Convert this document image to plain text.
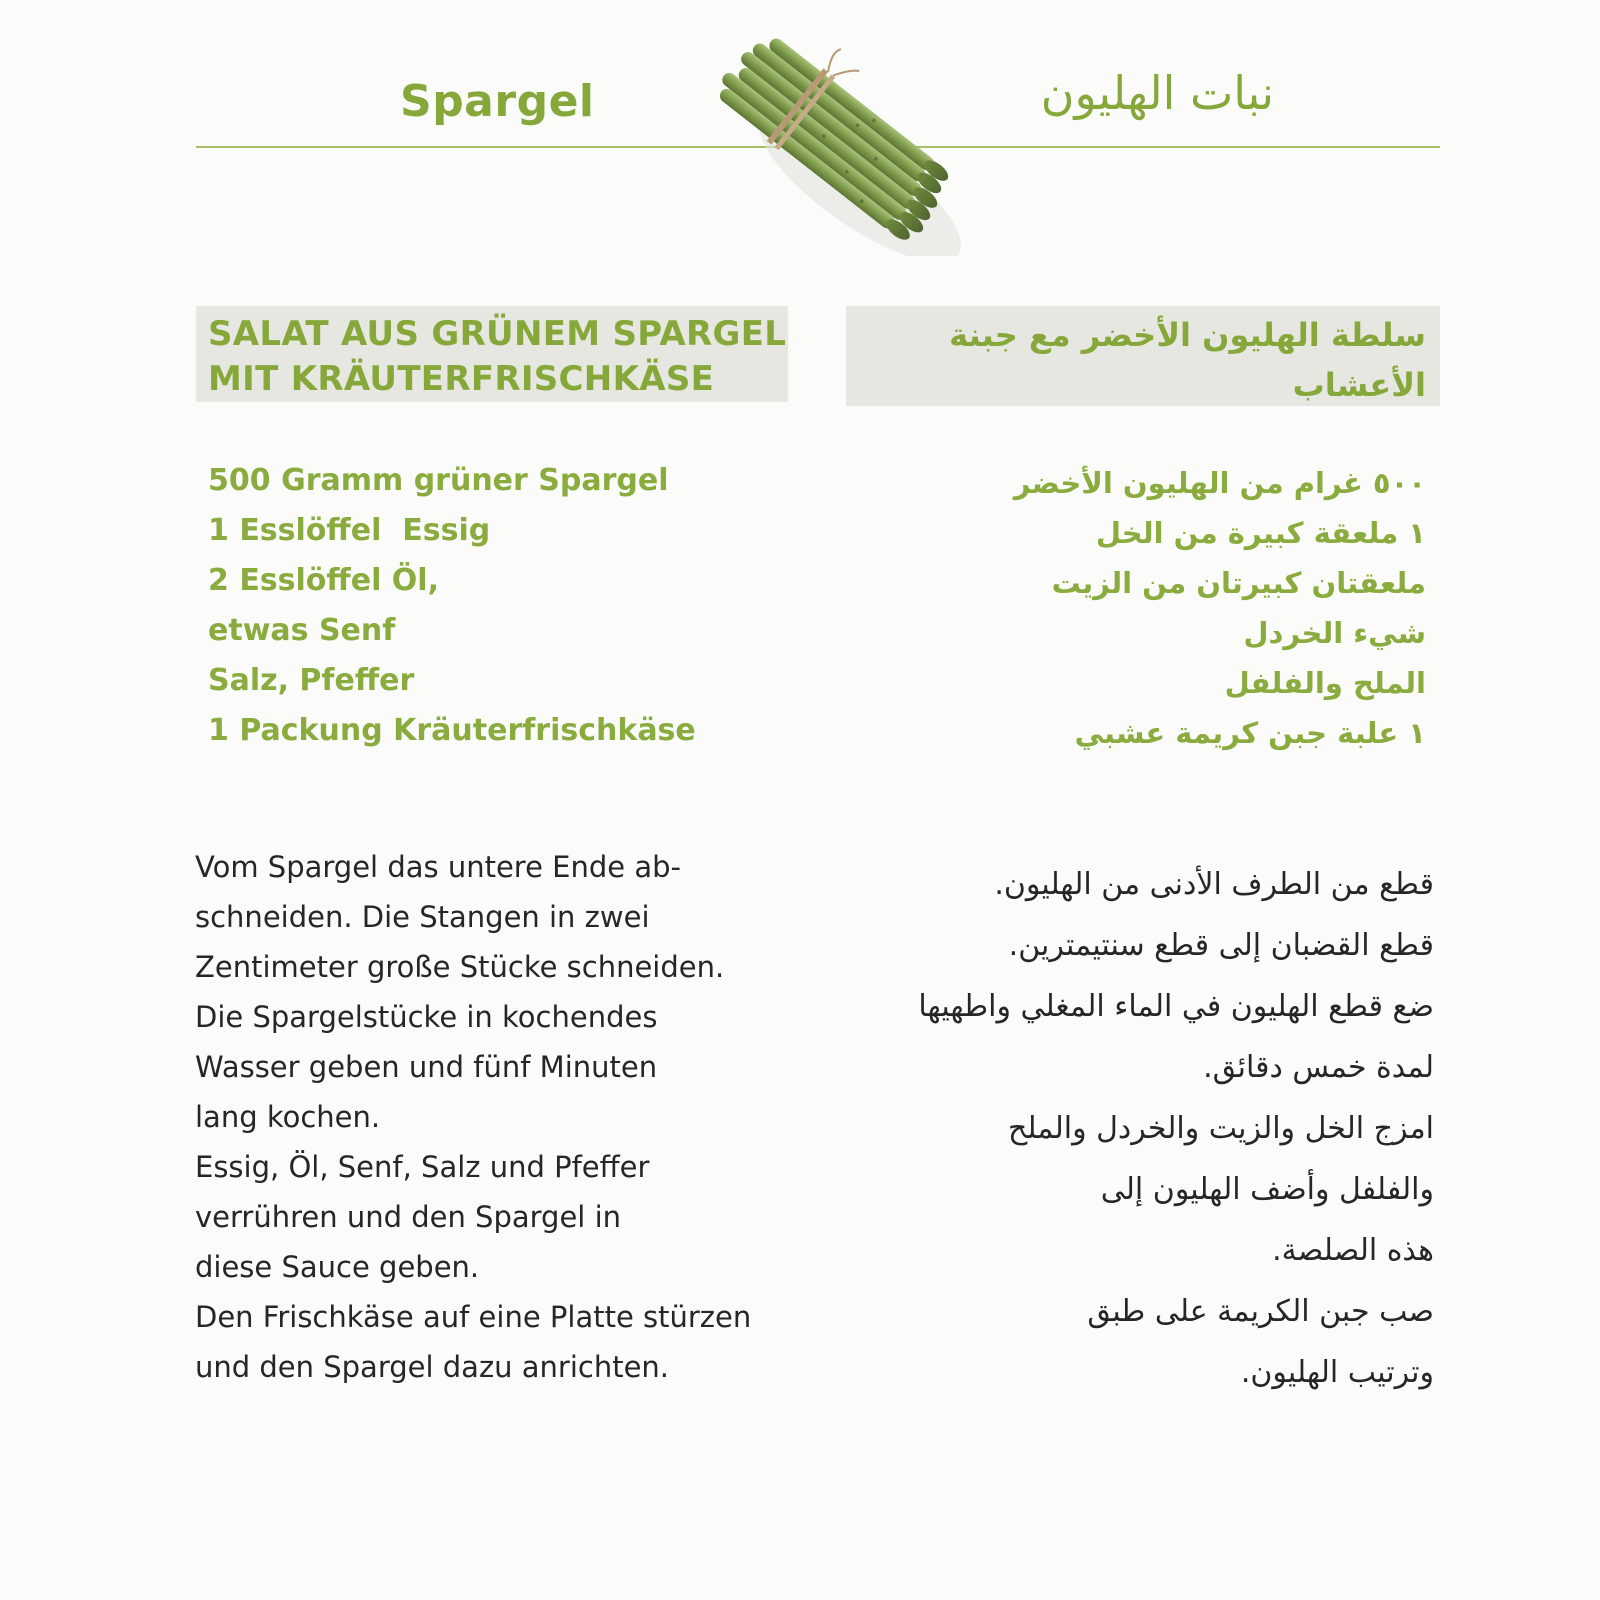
Spargel	نبات الهليون
SALAT AUS GRÜNEM SPARGEL
MIT KRÄUTERFRISCHKÄSE
سلطة الهليون الأخضر مع جبنة
الأعشاب
500 Gramm grüner Spargel
1 Esslöffel  Essig
2 Esslöffel Öl,
etwas Senf
Salz, Pfeffer
1 Packung Kräuterfrischkäse
٥٠٠ غرام من الهليون الأخضر
١ ملعقة كبيرة من الخل
ملعقتان كبيرتان من الزيت
شيء الخردل
الملح والفلفل
١ علبة جبن كريمة عشبي
Vom Spargel das untere Ende ab-
schneiden. Die Stangen in zwei
Zentimeter große Stücke schneiden.
Die Spargelstücke in kochendes
Wasser geben und fünf Minuten
lang kochen.
Essig, Öl, Senf, Salz und Pfeffer
verrühren und den Spargel in
diese Sauce geben.
Den Frischkäse auf eine Platte stürzen
und den Spargel dazu anrichten.
قطع من الطرف الأدنى من الهليون.
قطع القضبان إلى قطع سنتيمترين.
ضع قطع الهليون في الماء المغلي واطهيها
لمدة خمس دقائق.
امزج الخل والزيت والخردل والملح
والفلفل وأضف الهليون إلى
هذه الصلصة.
صب جبن الكريمة على طبق
وترتيب الهليون.
